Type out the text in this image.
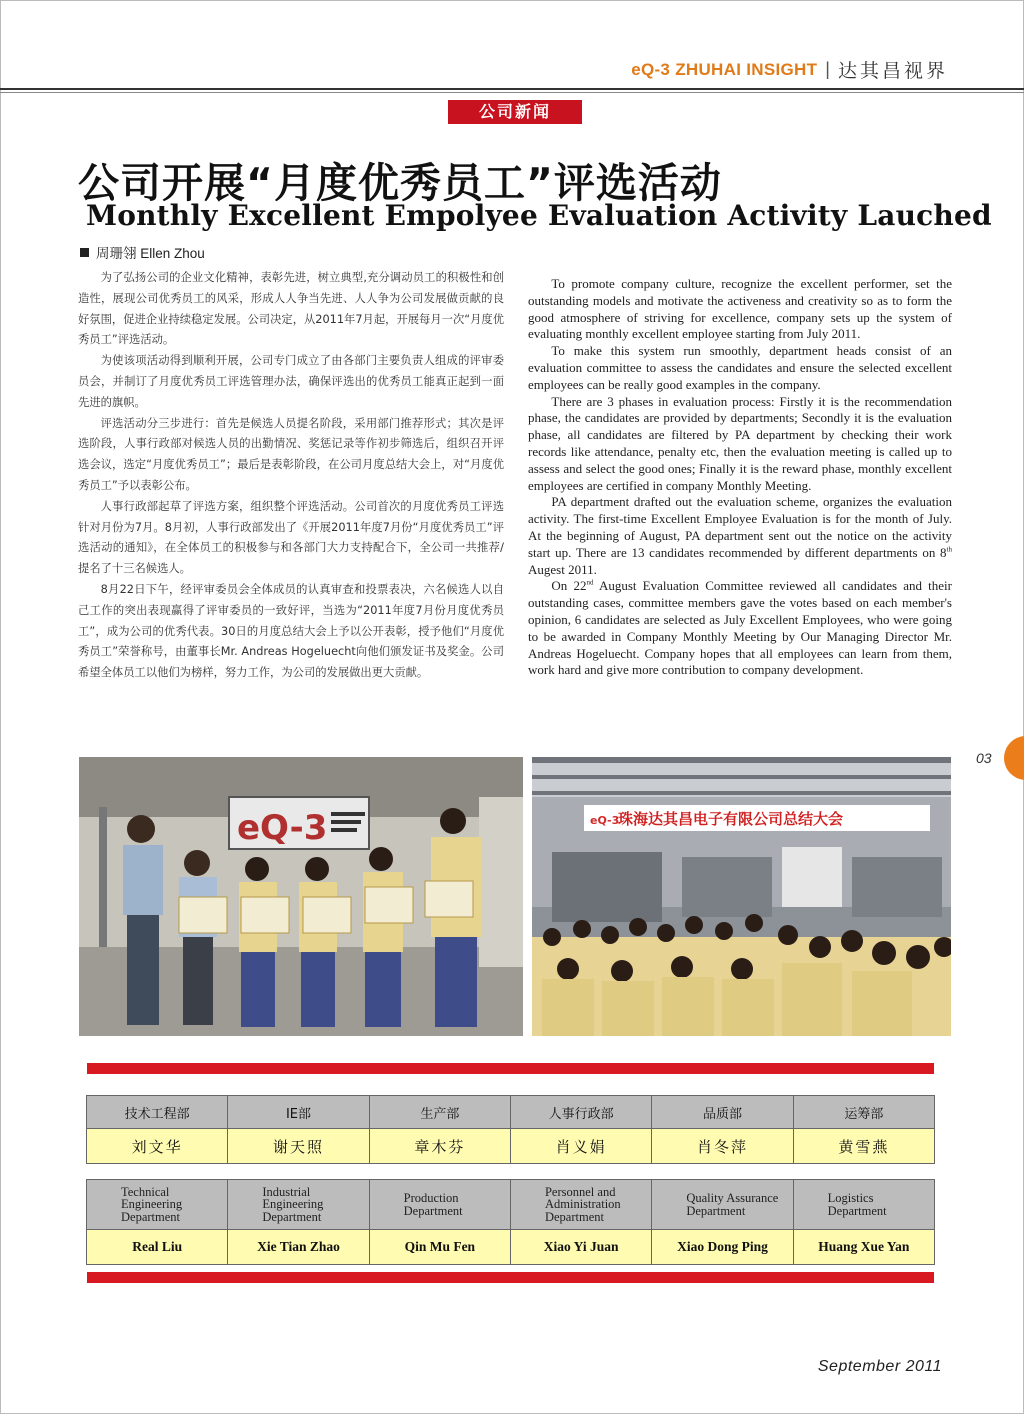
eQ-3 ZHUHAI INSIGHT | 达其昌视界
公司新闻
公司开展“月度优秀员工”评选活动
Monthly Excellent Empolyee Evaluation Activity Lauched
周珊翎 Ellen Zhou

为了弘扬公司的企业文化精神，表彰先进，树立典型,充分调动员工的积极性和创造性，展现公司优秀员工的风采，形成人人争当先进、人人争为公司发展做贡献的良好氛围，促进企业持续稳定发展。公司决定，从2011年7月起，开展每月一次“月度优秀员工”评选活动。

为使该项活动得到顺利开展，公司专门成立了由各部门主要负责人组成的评审委员会，并制订了月度优秀员工评选管理办法，确保评选出的优秀员工能真正起到一面先进的旗帜。

评选活动分三步进行：首先是候选人员提名阶段，采用部门推荐形式；其次是评选阶段，人事行政部对候选人员的出勤情况、奖惩记录等作初步筛选后，组织召开评选会议，选定“月度优秀员工”；最后是表彰阶段，在公司月度总结大会上，对“月度优秀员工”予以表彰公布。

人事行政部起草了评选方案，组织整个评选活动。公司首次的月度优秀员工评选针对月份为7月。8月初，人事行政部发出了《开展2011年度7月份“月度优秀员工”评选活动的通知》，在全体员工的积极参与和各部门大力支持配合下，全公司一共推荐/提名了十三名候选人。

8月22日下午，经评审委员会全体成员的认真审查和投票表决，六名候选人以自己工作的突出表现赢得了评审委员的一致好评，当选为“2011年度7月份月度优秀员工”，成为公司的优秀代表。30日的月度总结大会上予以公开表彰，授予他们“月度优秀员工”荣誉称号，由董事长Mr. Andreas Hogeluecht向他们颁发证书及奖金。公司希望全体员工以他们为榜样，努力工作，为公司的发展做出更大贡献。

To promote company culture, recognize the excellent performer, set the outstanding models and motivate the activeness and creativity so as to form the good atmosphere of striving for excellence, company sets up the system of evaluating monthly excellent employee starting from July 2011.

To make this system run smoothly, department heads consist of an evaluation committee to assess the candidates and ensure the selected excellent employees can be really good examples in the company.

There are 3 phases in evaluation process: Firstly it is the recommendation phase, the candidates are provided by departments; Secondly it is the evaluation phase, all candidates are filtered by PA department by checking their work records like attendance, penalty etc, then the evaluation meeting is called up to assess and select the good ones; Finally it is the reward phase, monthly excellent employees are certified in company Monthly Meeting.

PA department drafted out the evaluation scheme, organizes the evaluation activity. The first-time Excellent Employee Evaluation is for the month of July. At the beginning of August, PA department sent out the notice on the activity start up. There are 13 candidates recommended by different departments on 8th Augest 2011.

On 22nd August Evaluation Committee reviewed all candidates and their outstanding cases, committee members gave the votes based on each member's opinion, 6 candidates are selected as July Excellent Employees, who were going to be awarded in Company Monthly Meeting by Our Managing Director Mr. Andreas Hogeluecht. Company hopes that all employees can learn from them, work hard and give more contribution to company development.

03
eQ-3	eQ-3
珠海达其昌电子有限公司总结大会
技术工程部	IE部	生产部	人事行政部	品质部	运筹部
刘文华	谢天照	章木芬	肖义娟	肖冬萍	黄雪燕
Technical
Engineering
Department	Industrial
Engineering
Department	Production
Department	Personnel and
Administration
Department	Quality Assurance
Department	Logistics
Department
Real Liu	Xie Tian Zhao	Qin Mu Fen	Xiao Yi Juan	Xiao Dong Ping	Huang Xue Yan
September 2011
